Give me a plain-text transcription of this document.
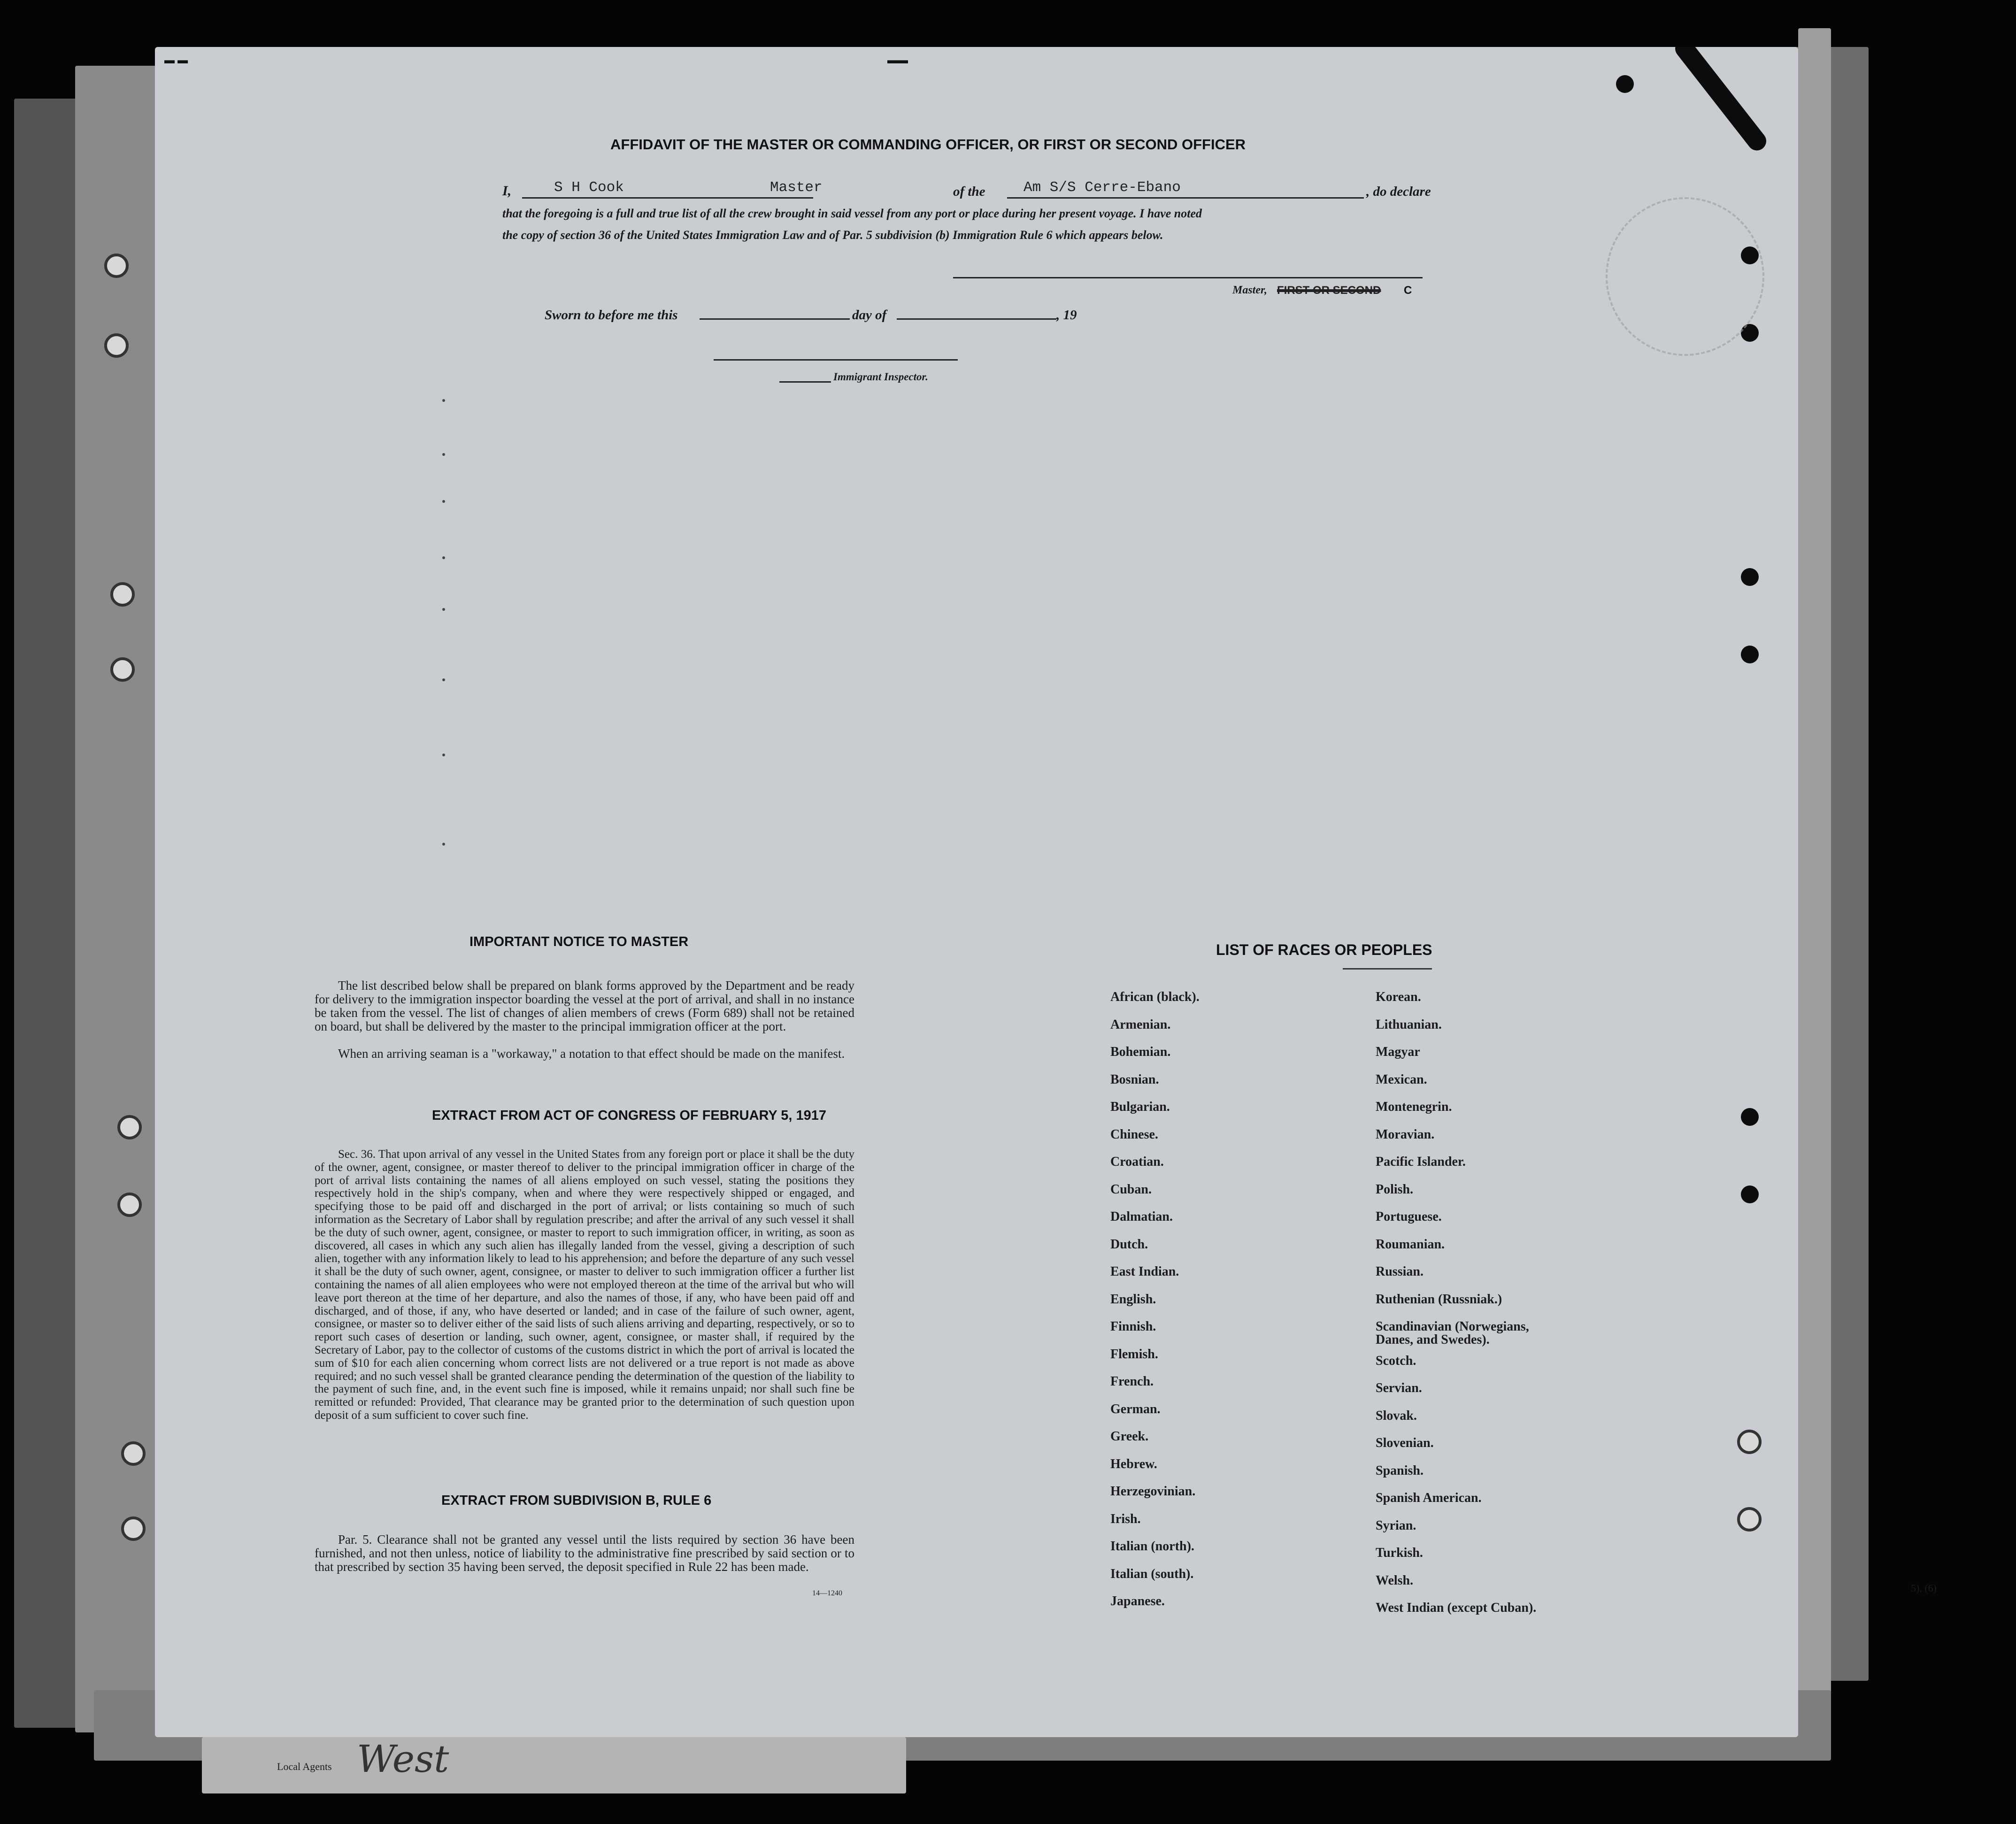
Local Agents West
5), (6)
▬ ▬	▬▬
AFFIDAVIT OF THE MASTER OR COMMANDING OFFICER, OR FIRST OR SECOND OFFICER
I,	S H Cook	Master	of the	Am S/S Cerre-Ebano	, do declare
that the foregoing is a full and true list of all the crew brought in said vessel from any port or place during her present voyage. I have noted
the copy of section 36 of the United States Immigration Law and of Par. 5 subdivision (b) Immigration Rule 6 which appears below.
Master, FIRST OR SECOND C
Sworn to before me this	day of	, 19
Immigrant Inspector.
IMPORTANT NOTICE TO MASTER
The list described below shall be prepared on blank forms approved by the Department and be ready for delivery to the immigration inspector boarding the vessel at the port of arrival, and shall in no instance be taken from the vessel. The list of changes of alien members of crews (Form 689) shall not be retained on board, but shall be delivered by the master to the principal immigration officer at the port.
When an arriving seaman is a "workaway," a notation to that effect should be made on the manifest.
EXTRACT FROM ACT OF CONGRESS OF FEBRUARY 5, 1917
Sec. 36. That upon arrival of any vessel in the United States from any foreign port or place it shall be the duty of the owner, agent, consignee, or master thereof to deliver to the principal immigration officer in charge of the port of arrival lists containing the names of all aliens employed on such vessel, stating the positions they respectively hold in the ship's company, when and where they were respectively shipped or engaged, and specifying those to be paid off and discharged in the port of arrival; or lists containing so much of such information as the Secretary of Labor shall by regulation prescribe; and after the arrival of any such vessel it shall be the duty of such owner, agent, consignee, or master to report to such immigration officer, in writing, as soon as discovered, all cases in which any such alien has illegally landed from the vessel, giving a description of such alien, together with any information likely to lead to his apprehension; and before the departure of any such vessel it shall be the duty of such owner, agent, consignee, or master to deliver to such immigration officer a further list containing the names of all alien employees who were not employed thereon at the time of the arrival but who will leave port thereon at the time of her departure, and also the names of those, if any, who have been paid off and discharged, and of those, if any, who have deserted or landed; and in case of the failure of such owner, agent, consignee, or master so to deliver either of the said lists of such aliens arriving and departing, respectively, or so to report such cases of desertion or landing, such owner, agent, consignee, or master shall, if required by the Secretary of Labor, pay to the collector of customs of the customs district in which the port of arrival is located the sum of $10 for each alien concerning whom correct lists are not delivered or a true report is not made as above required; and no such vessel shall be granted clearance pending the determination of the question of the liability to the payment of such fine, and, in the event such fine is imposed, while it remains unpaid; nor shall such fine be remitted or refunded: Provided, That clearance may be granted prior to the determination of such question upon deposit of a sum sufficient to cover such fine.
EXTRACT FROM SUBDIVISION B, RULE 6
Par. 5. Clearance shall not be granted any vessel until the lists required by section 36 have been furnished, and not then unless, notice of liability to the administrative fine prescribed by said section or to that prescribed by section 35 having been served, the deposit specified in Rule 22 has been made.
14—1240
LIST OF RACES OR PEOPLES
African (black).
Armenian.
Bohemian.
Bosnian.
Bulgarian.
Chinese.
Croatian.
Cuban.
Dalmatian.
Dutch.
East Indian.
English.
Finnish.
Flemish.
French.
German.
Greek.
Hebrew.
Herzegovinian.
Irish.
Italian (north).
Italian (south).
Japanese.
Korean.
Lithuanian.
Magyar
Mexican.
Montenegrin.
Moravian.
Pacific Islander.
Polish.
Portuguese.
Roumanian.
Russian.
Ruthenian (Russniak.)
Scandinavian (Norwegians,
Danes, and Swedes).
Scotch.
Servian.
Slovak.
Slovenian.
Spanish.
Spanish American.
Syrian.
Turkish.
Welsh.
West Indian (except Cuban).
